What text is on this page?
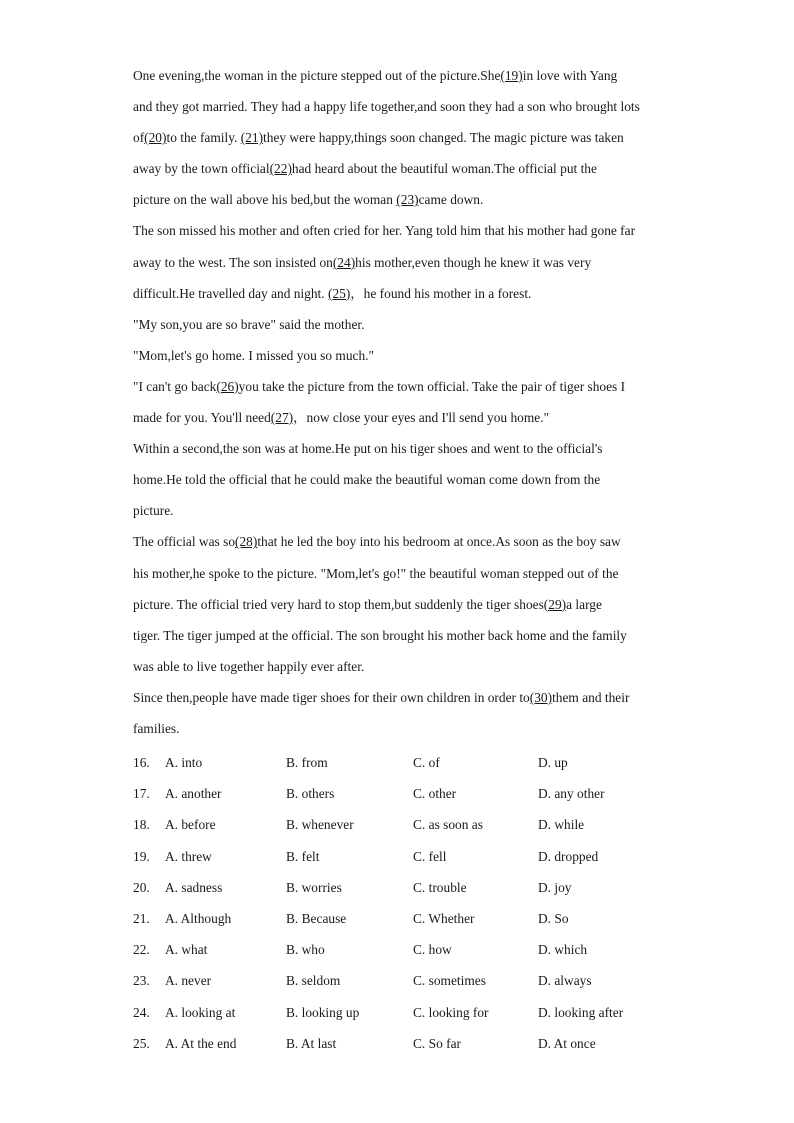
One evening,the woman in the picture stepped out of the picture.She(19)in love with Yang
and they got married. They had a happy life together,and soon they had a son who brought lots
of(20)to the family. (21)they were happy,things soon changed. The magic picture was taken
away by the town official(22)had heard about the beautiful woman.The official put the
picture on the wall above his bed,but the woman (23)came down.
The son missed his mother and often cried for her. Yang told him that his mother had gone far
away to the west. The son insisted on(24)his mother,even though he knew it was very
difficult.He travelled day and night. (25)，he found his mother in a forest.
"My son,you are so brave" said the mother.
"Mom,let's go home. I missed you so much."
"I can't go back(26)you take the picture from the town official. Take the pair of tiger shoes I
made for you. You'll need(27)，now close your eyes and I'll send you home."
Within a second,the son was at home.He put on his tiger shoes and went to the official's
home.He told the official that he could make the beautiful woman come down from the
picture.
The official was so(28)that he led the boy into his bedroom at once.As soon as the boy saw
his mother,he spoke to the picture. "Mom,let's go!" the beautiful woman stepped out of the
picture. The official tried very hard to stop them,but suddenly the tiger shoes(29)a large
tiger. The tiger jumped at the official. The son brought his mother back home and the family
was able to live together happily ever after.
Since then,people have made tiger shoes for their own children in order to(30)them and their
families.
16. A. into	B. from	C. of	D. up
17. A. another	B. others	C. other	D. any other
18. A. before	B. whenever	C. as soon as	D. while
19. A. threw	B. felt	C. fell	D. dropped
20. A. sadness	B. worries	C. trouble	D. joy
21. A. Although	B. Because	C. Whether	D. So
22. A. what	B. who	C. how	D. which
23. A. never	B. seldom	C. sometimes	D. always
24. A. looking at	B. looking up	C. looking for	D. looking after
25. A. At the end	B. At last	C. So far	D. At once
